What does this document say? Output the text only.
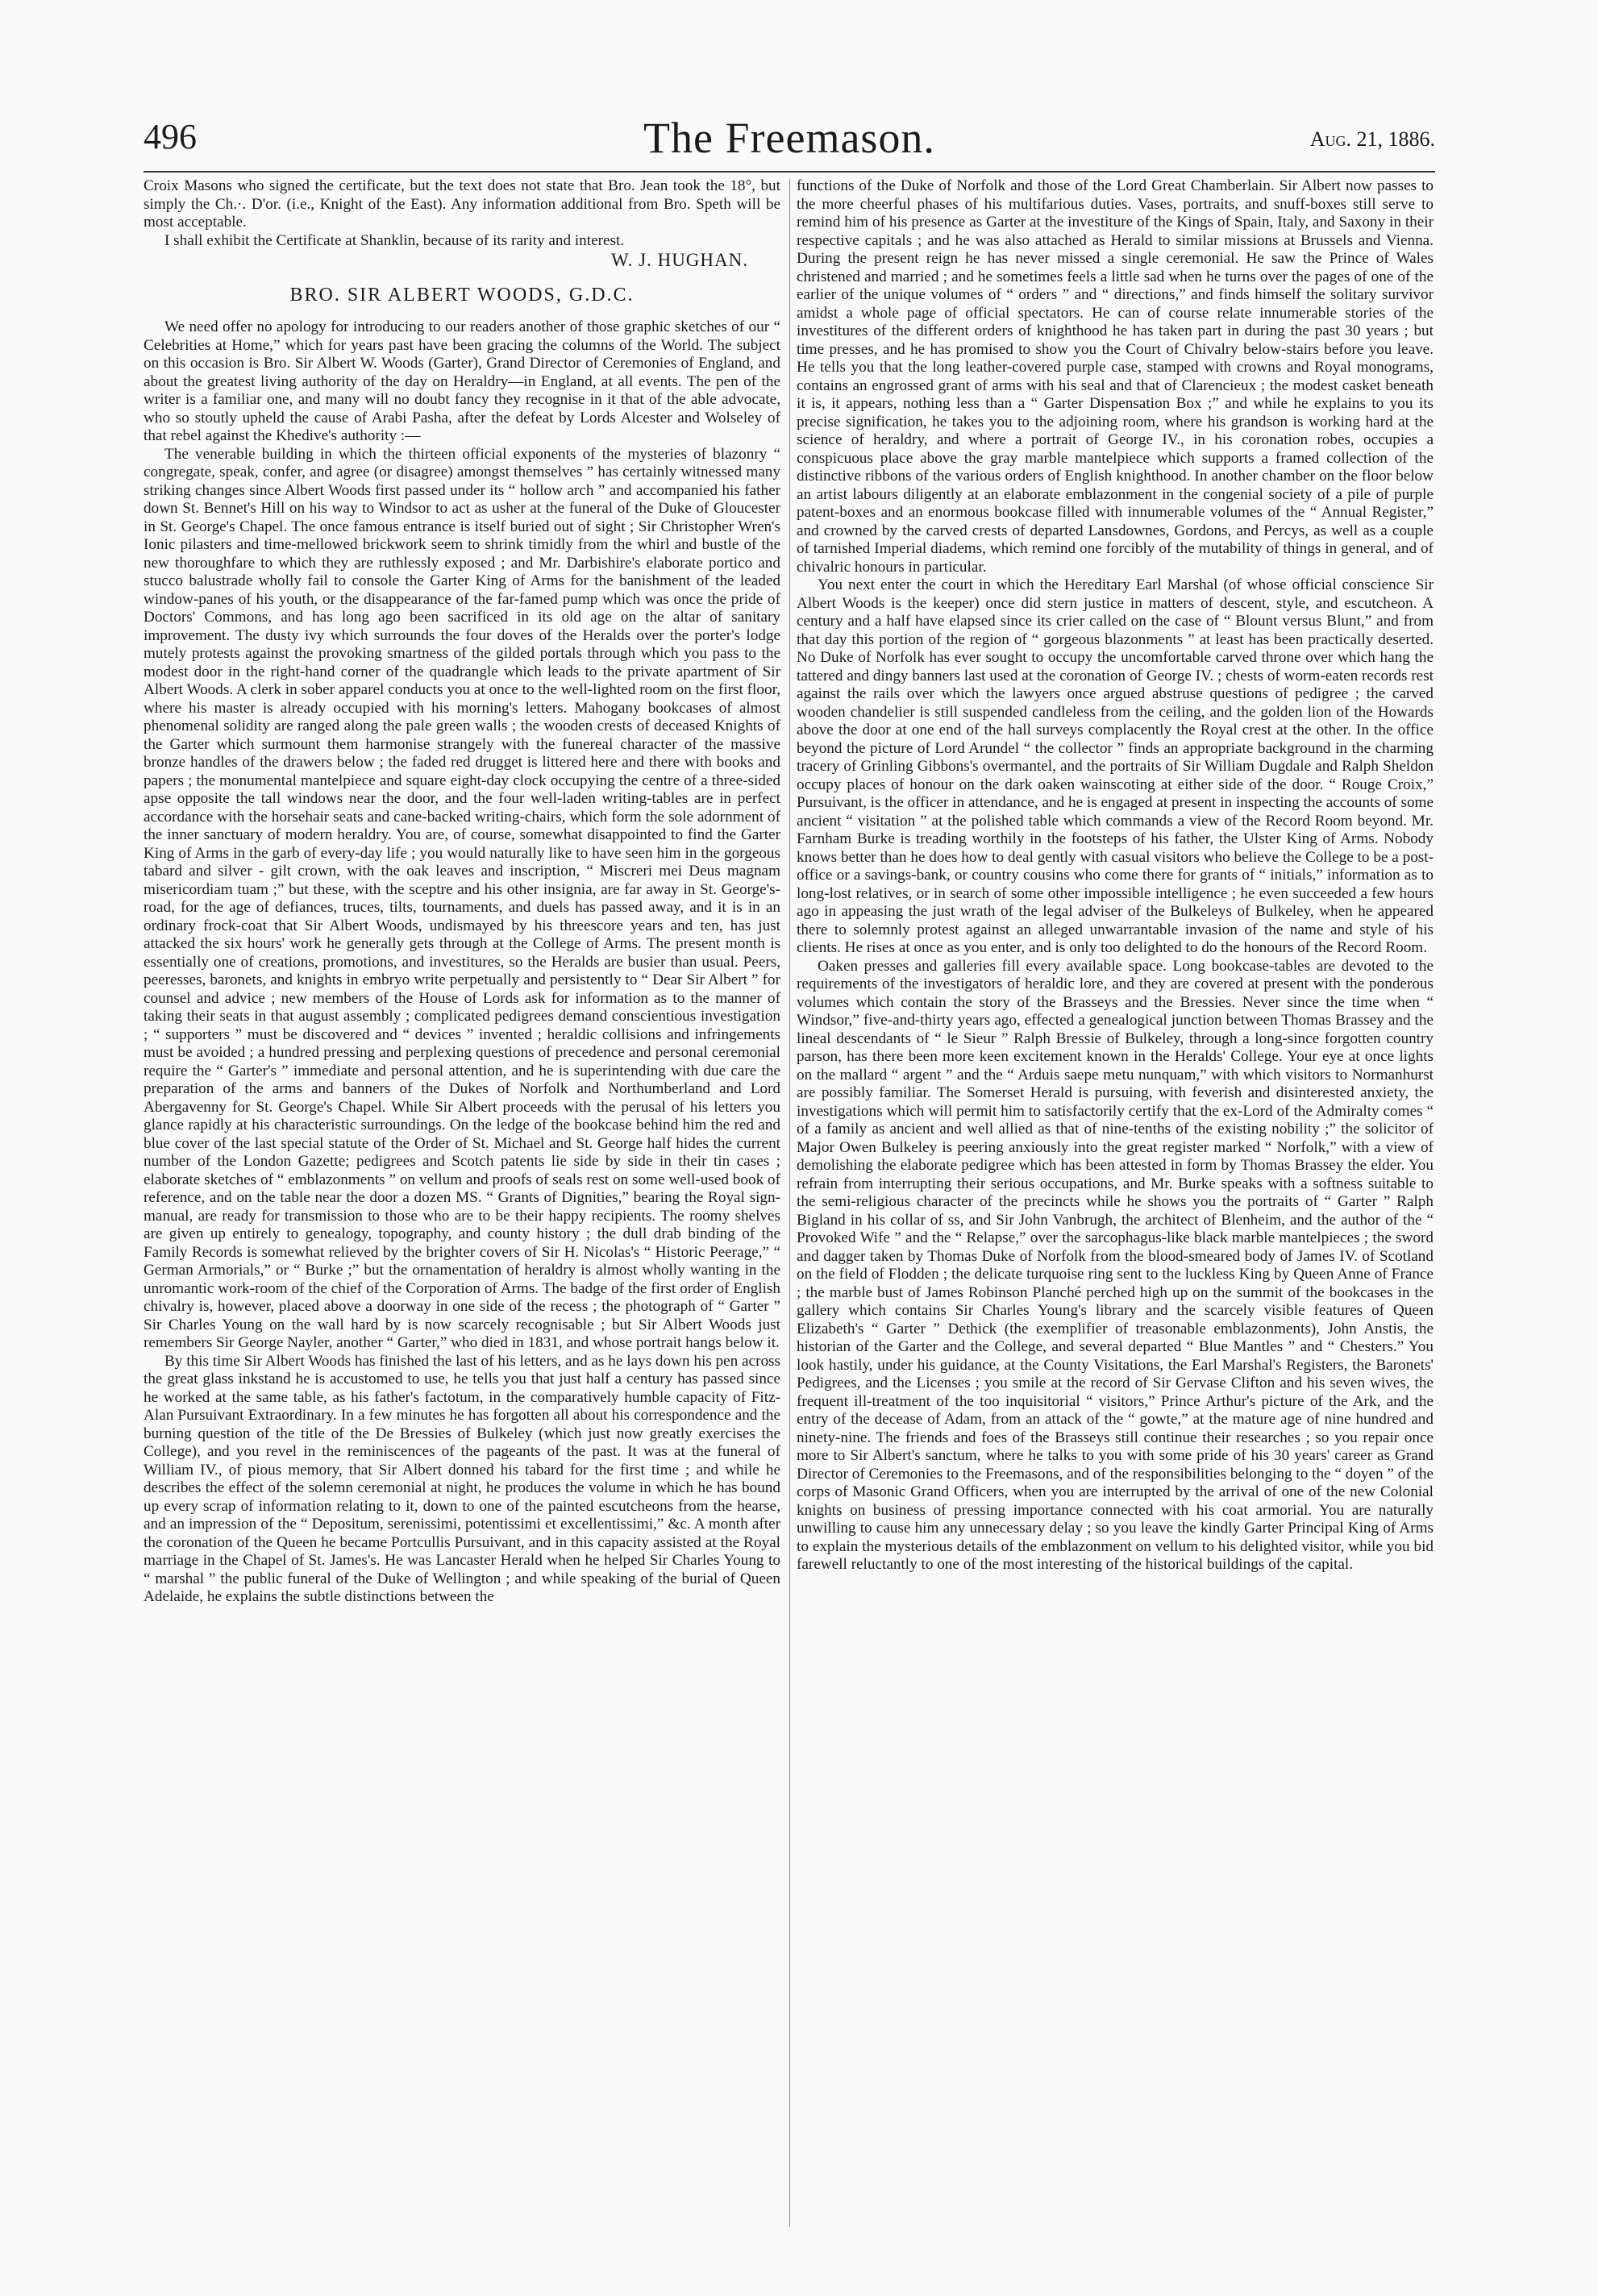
496	The Freemason.	Aug. 21, 1886.

Croix Masons who signed the certificate, but the text does not state that Bro. Jean took the 18°, but simply the Ch.·. D'or. (i.e., Knight of the East). Any information additional from Bro. Speth will be most acceptable.

I shall exhibit the Certificate at Shanklin, because of its rarity and interest.

W. J. HUGHAN.
BRO. SIR ALBERT WOODS, G.D.C.

We need offer no apology for introducing to our readers another of those graphic sketches of our “ Celebrities at Home,” which for years past have been gracing the columns of the World. The subject on this occasion is Bro. Sir Albert W. Woods (Garter), Grand Director of Ceremonies of England, and about the greatest living authority of the day on Heraldry—in England, at all events. The pen of the writer is a familiar one, and many will no doubt fancy they recognise in it that of the able advocate, who so stoutly upheld the cause of Arabi Pasha, after the defeat by Lords Alcester and Wolseley of that rebel against the Khedive's authority :—

The venerable building in which the thirteen official exponents of the mysteries of blazonry “ congregate, speak, confer, and agree (or disagree) amongst themselves ” has certainly witnessed many striking changes since Albert Woods first passed under its “ hollow arch ” and accompanied his father down St. Bennet's Hill on his way to Windsor to act as usher at the funeral of the Duke of Gloucester in St. George's Chapel. The once famous entrance is itself buried out of sight ; Sir Christopher Wren's Ionic pilasters and time-mellowed brickwork seem to shrink timidly from the whirl and bustle of the new thoroughfare to which they are ruthlessly exposed ; and Mr. Darbishire's elaborate portico and stucco balustrade wholly fail to console the Garter King of Arms for the banishment of the leaded window-panes of his youth, or the disappearance of the far-famed pump which was once the pride of Doctors' Commons, and has long ago been sacrificed in its old age on the altar of sanitary improvement. The dusty ivy which surrounds the four doves of the Heralds over the porter's lodge mutely protests against the provoking smartness of the gilded portals through which you pass to the modest door in the right-hand corner of the quadrangle which leads to the private apartment of Sir Albert Woods. A clerk in sober apparel conducts you at once to the well-lighted room on the first floor, where his master is already occupied with his morning's letters. Mahogany bookcases of almost phenomenal solidity are ranged along the pale green walls ; the wooden crests of deceased Knights of the Garter which surmount them harmonise strangely with the funereal character of the massive bronze handles of the drawers below ; the faded red drugget is littered here and there with books and papers ; the monumental mantelpiece and square eight-day clock occupying the centre of a three-sided apse opposite the tall windows near the door, and the four well-laden writing-tables are in perfect accordance with the horsehair seats and cane-backed writing-chairs, which form the sole adornment of the inner sanctuary of modern heraldry. You are, of course, somewhat disappointed to find the Garter King of Arms in the garb of every-day life ; you would naturally like to have seen him in the gorgeous tabard and silver - gilt crown, with the oak leaves and inscription, “ Miscreri mei Deus magnam misericordiam tuam ;” but these, with the sceptre and his other insignia, are far away in St. George's-road, for the age of defiances, truces, tilts, tournaments, and duels has passed away, and it is in an ordinary frock-coat that Sir Albert Woods, undismayed by his threescore years and ten, has just attacked the six hours' work he generally gets through at the College of Arms. The present month is essentially one of creations, promotions, and investitures, so the Heralds are busier than usual. Peers, peeresses, baronets, and knights in embryo write perpetually and persistently to “ Dear Sir Albert ” for counsel and advice ; new members of the House of Lords ask for information as to the manner of taking their seats in that august assembly ; complicated pedigrees demand conscientious investigation ; “ supporters ” must be discovered and “ devices ” invented ; heraldic collisions and infringements must be avoided ; a hundred pressing and perplexing questions of precedence and personal ceremonial require the “ Garter's ” immediate and personal attention, and he is superintending with due care the preparation of the arms and banners of the Dukes of Norfolk and Northumberland and Lord Abergavenny for St. George's Chapel. While Sir Albert proceeds with the perusal of his letters you glance rapidly at his characteristic surroundings. On the ledge of the bookcase behind him the red and blue cover of the last special statute of the Order of St. Michael and St. George half hides the current number of the London Gazette; pedigrees and Scotch patents lie side by side in their tin cases ; elaborate sketches of “ emblazonments ” on vellum and proofs of seals rest on some well-used book of reference, and on the table near the door a dozen MS. “ Grants of Dignities,” bearing the Royal sign-manual, are ready for transmission to those who are to be their happy recipients. The roomy shelves are given up entirely to genealogy, topography, and county history ; the dull drab binding of the Family Records is somewhat relieved by the brighter covers of Sir H. Nicolas's “ Historic Peerage,” “ German Armorials,” or “ Burke ;” but the ornamentation of heraldry is almost wholly wanting in the unromantic work-room of the chief of the Corporation of Arms. The badge of the first order of English chivalry is, however, placed above a doorway in one side of the recess ; the photograph of “ Garter ” Sir Charles Young on the wall hard by is now scarcely recognisable ; but Sir Albert Woods just remembers Sir George Nayler, another “ Garter,” who died in 1831, and whose portrait hangs below it.

By this time Sir Albert Woods has finished the last of his letters, and as he lays down his pen across the great glass inkstand he is accustomed to use, he tells you that just half a century has passed since he worked at the same table, as his father's factotum, in the comparatively humble capacity of Fitz-Alan Pursuivant Extraordinary. In a few minutes he has forgotten all about his correspondence and the burning question of the title of the De Bressies of Bulkeley (which just now greatly exercises the College), and you revel in the reminiscences of the pageants of the past. It was at the funeral of William IV., of pious memory, that Sir Albert donned his tabard for the first time ; and while he describes the effect of the solemn ceremonial at night, he produces the volume in which he has bound up every scrap of information relating to it, down to one of the painted escutcheons from the hearse, and an impression of the “ Depositum, serenissimi, potentissimi et excellentissimi,” &c. A month after the coronation of the Queen he became Portcullis Pursuivant, and in this capacity assisted at the Royal marriage in the Chapel of St. James's. He was Lancaster Herald when he helped Sir Charles Young to “ marshal ” the public funeral of the Duke of Wellington ; and while speaking of the burial of Queen Adelaide, he explains the subtle distinctions between the

functions of the Duke of Norfolk and those of the Lord Great Chamberlain. Sir Albert now passes to the more cheerful phases of his multifarious duties. Vases, portraits, and snuff-boxes still serve to remind him of his presence as Garter at the investiture of the Kings of Spain, Italy, and Saxony in their respective capitals ; and he was also attached as Herald to similar missions at Brussels and Vienna. During the present reign he has never missed a single ceremonial. He saw the Prince of Wales christened and married ; and he sometimes feels a little sad when he turns over the pages of one of the earlier of the unique volumes of “ orders ” and “ directions,” and finds himself the solitary survivor amidst a whole page of official spectators. He can of course relate innumerable stories of the investitures of the different orders of knighthood he has taken part in during the past 30 years ; but time presses, and he has promised to show you the Court of Chivalry below-stairs before you leave. He tells you that the long leather-covered purple case, stamped with crowns and Royal monograms, contains an engrossed grant of arms with his seal and that of Clarencieux ; the modest casket beneath it is, it appears, nothing less than a “ Garter Dispensation Box ;” and while he explains to you its precise signification, he takes you to the adjoining room, where his grandson is working hard at the science of heraldry, and where a portrait of George IV., in his coronation robes, occupies a conspicuous place above the gray marble mantelpiece which supports a framed collection of the distinctive ribbons of the various orders of English knighthood. In another chamber on the floor below an artist labours diligently at an elaborate emblazonment in the congenial society of a pile of purple patent-boxes and an enormous bookcase filled with innumerable volumes of the “ Annual Register,” and crowned by the carved crests of departed Lansdownes, Gordons, and Percys, as well as a couple of tarnished Imperial diadems, which remind one forcibly of the mutability of things in general, and of chivalric honours in particular.

You next enter the court in which the Hereditary Earl Marshal (of whose official conscience Sir Albert Woods is the keeper) once did stern justice in matters of descent, style, and escutcheon. A century and a half have elapsed since its crier called on the case of “ Blount versus Blunt,” and from that day this portion of the region of “ gorgeous blazonments ” at least has been practically deserted. No Duke of Norfolk has ever sought to occupy the uncomfortable carved throne over which hang the tattered and dingy banners last used at the coronation of George IV. ; chests of worm-eaten records rest against the rails over which the lawyers once argued abstruse questions of pedigree ; the carved wooden chandelier is still suspended candleless from the ceiling, and the golden lion of the Howards above the door at one end of the hall surveys complacently the Royal crest at the other. In the office beyond the picture of Lord Arundel “ the collector ” finds an appropriate background in the charming tracery of Grinling Gibbons's overmantel, and the portraits of Sir William Dugdale and Ralph Sheldon occupy places of honour on the dark oaken wainscoting at either side of the door. “ Rouge Croix,” Pursuivant, is the officer in attendance, and he is engaged at present in inspecting the accounts of some ancient “ visitation ” at the polished table which commands a view of the Record Room beyond. Mr. Farnham Burke is treading worthily in the footsteps of his father, the Ulster King of Arms. Nobody knows better than he does how to deal gently with casual visitors who believe the College to be a post-office or a savings-bank, or country cousins who come there for grants of “ initials,” information as to long-lost relatives, or in search of some other impossible intelligence ; he even succeeded a few hours ago in appeasing the just wrath of the legal adviser of the Bulkeleys of Bulkeley, when he appeared there to solemnly protest against an alleged unwarrantable invasion of the name and style of his clients. He rises at once as you enter, and is only too delighted to do the honours of the Record Room.

Oaken presses and galleries fill every available space. Long bookcase-tables are devoted to the requirements of the investigators of heraldic lore, and they are covered at present with the ponderous volumes which contain the story of the Brasseys and the Bressies. Never since the time when “ Windsor,” five-and-thirty years ago, effected a genealogical junction between Thomas Brassey and the lineal descendants of “ le Sieur ” Ralph Bressie of Bulkeley, through a long-since forgotten country parson, has there been more keen excitement known in the Heralds' College. Your eye at once lights on the mallard “ argent ” and the “ Arduis saepe metu nunquam,” with which visitors to Normanhurst are possibly familiar. The Somerset Herald is pursuing, with feverish and disinterested anxiety, the investigations which will permit him to satisfactorily certify that the ex-Lord of the Admiralty comes “ of a family as ancient and well allied as that of nine-tenths of the existing nobility ;” the solicitor of Major Owen Bulkeley is peering anxiously into the great register marked “ Norfolk,” with a view of demolishing the elaborate pedigree which has been attested in form by Thomas Brassey the elder. You refrain from interrupting their serious occupations, and Mr. Burke speaks with a softness suitable to the semi-religious character of the precincts while he shows you the portraits of “ Garter ” Ralph Bigland in his collar of ss, and Sir John Vanbrugh, the architect of Blenheim, and the author of the “ Provoked Wife ” and the “ Relapse,” over the sarcophagus-like black marble mantelpieces ; the sword and dagger taken by Thomas Duke of Norfolk from the blood-smeared body of James IV. of Scotland on the field of Flodden ; the delicate turquoise ring sent to the luckless King by Queen Anne of France ; the marble bust of James Robinson Planché perched high up on the summit of the bookcases in the gallery which contains Sir Charles Young's library and the scarcely visible features of Queen Elizabeth's “ Garter ” Dethick (the exemplifier of treasonable emblazonments), John Anstis, the historian of the Garter and the College, and several departed “ Blue Mantles ” and “ Chesters.” You look hastily, under his guidance, at the County Visitations, the Earl Marshal's Registers, the Baronets' Pedigrees, and the Licenses ; you smile at the record of Sir Gervase Clifton and his seven wives, the frequent ill-treatment of the too inquisitorial “ visitors,” Prince Arthur's picture of the Ark, and the entry of the decease of Adam, from an attack of the “ gowte,” at the mature age of nine hundred and ninety-nine. The friends and foes of the Brasseys still continue their researches ; so you repair once more to Sir Albert's sanctum, where he talks to you with some pride of his 30 years' career as Grand Director of Ceremonies to the Freemasons, and of the responsibilities belonging to the “ doyen ” of the corps of Masonic Grand Officers, when you are interrupted by the arrival of one of the new Colonial knights on business of pressing importance connected with his coat armorial. You are naturally unwilling to cause him any unnecessary delay ; so you leave the kindly Garter Principal King of Arms to explain the mysterious details of the emblazonment on vellum to his delighted visitor, while you bid farewell reluctantly to one of the most interesting of the historical buildings of the capital.
